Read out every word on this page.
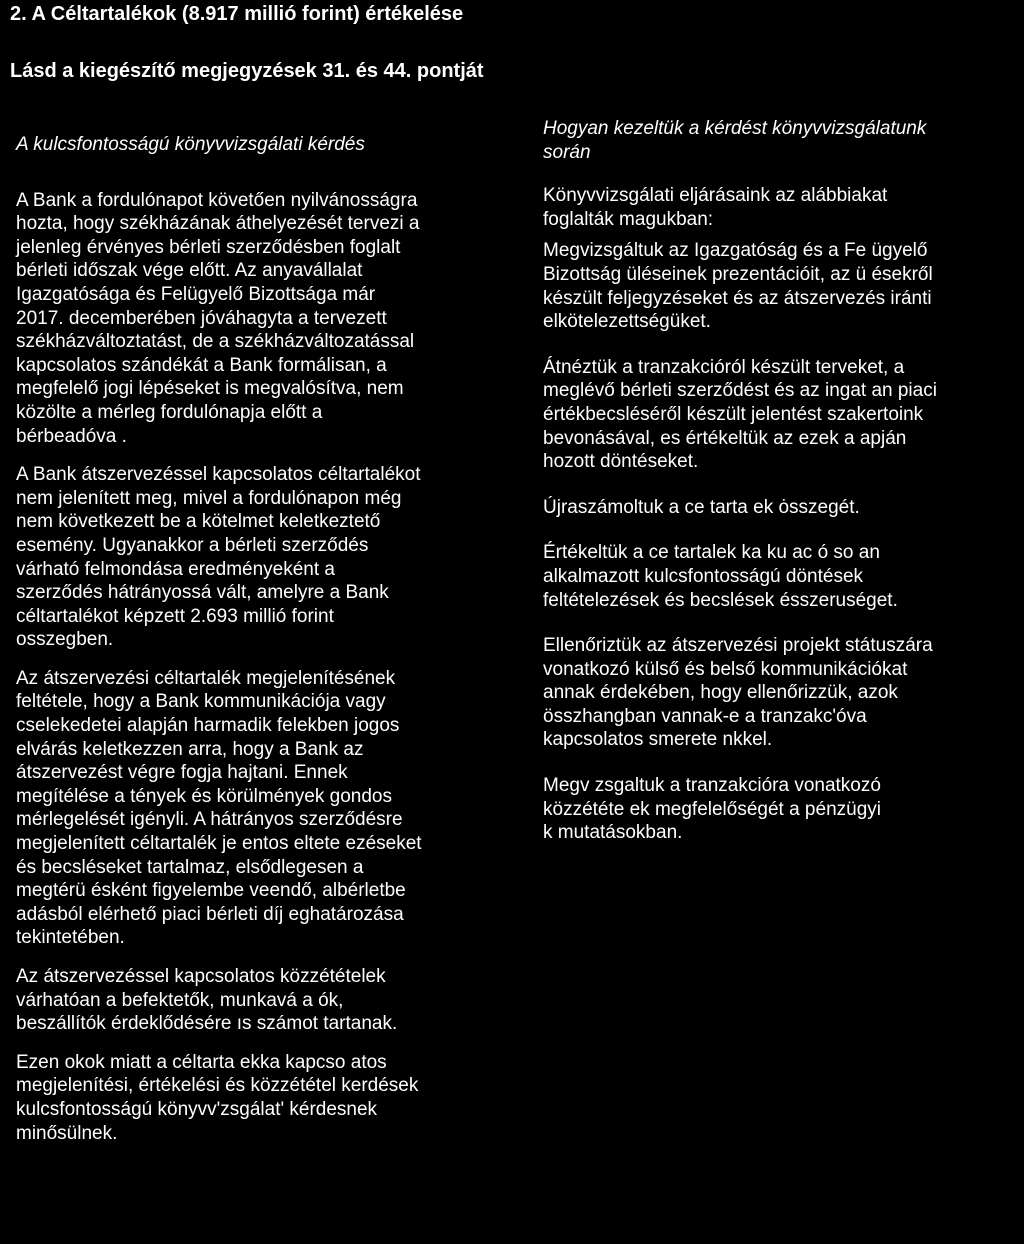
2. A Céltartalékok (8.917 millió forint) értékelése
Lásd a kiegészítő megjegyzések 31. és 44. pontját
A kulcsfontosságú könyvvizsgálati kérdés
A Bank a fordulónapot követően nyilvánosságra
hozta, hogy székházának áthelyezését tervezi a
jelenleg érvényes bérleti szerződésben foglalt
bérleti időszak vége előtt. Az anyavállalat
Igazgatósága és Felügyelő Bizottsága már
2017. decemberében jóváhagyta a tervezett
székházváltoztatást, de a székházváltozatással
kapcsolatos szándékát a Bank formálisan, a
megfelelő jogi lépéseket is megvalósítva, nem
közölte a mérleg fordulónapja előtt a
bérbeadóva .
A Bank átszervezéssel kapcsolatos céltartalékot
nem jelenített meg, mivel a fordulónapon még
nem következett be a kötelmet keletkeztető
esemény. Ugyanakkor a bérleti szerződés
várható felmondása eredményeként a
szerződés hátrányossá vált, amelyre a Bank
céltartalékot képzett 2.693 millió forint
osszegben.
Az átszervezési céltartalék megjelenítésének
feltétele, hogy a Bank kommunikációja vagy
cselekedetei alapján harmadik felekben jogos
elvárás keletkezzen arra, hogy a Bank az
átszervezést végre fogja hajtani. Ennek
megítélése a tények és körülmények gondos
mérlegelését igényli. A hátrányos szerződésre
megjelenített céltartalék je entos eltete ezéseket
és becsléseket tartalmaz, elsődlegesen a
megtérü ésként figyelembe veendő, albérletbe
adásból elérhető piaci bérleti díj eghatározása
tekintetében.
Az átszervezéssel kapcsolatos közzétételek
várhatóan a befektetők, munkavá a ók,
beszállítók érdeklődésére ıs számot tartanak.
Ezen okok miatt a céltarta ekka kapcso atos
megjelenítési, értékelési és közzététel kerdések
kulcsfontosságú könyvv'zsgálat' kérdesnek
minősülnek.
Hogyan kezeltük a kérdést könyvvizsgálatunk
során
Könyvvizsgálati eljárásaink az alábbiakat
foglalták magukban:
Megvizsgáltuk az Igazgatóság és a Fe ügyelő
Bizottság üléseinek prezentációit, az ü ésekről
készült feljegyzéseket és az átszervezés iránti
elkötelezettségüket.
Átnéztük a tranzakcióról készült terveket, a
meglévő bérleti szerződést és az ingat an piaci
értékbecsléséről készült jelentést szakertoink
bevonásával, es értékeltük az ezek a apján
hozott döntéseket.
Újraszámoltuk a ce tarta ek ȯsszegét.
Értékeltük a ce tartalek ka ku ac ó so an
alkalmazott kulcsfontosságú döntések
feltételezések és becslések ésszeruséget.
Ellenőriztük az átszervezési projekt státuszára
vonatkozó külső és belső kommunikációkat
annak érdekében, hogy ellenőrizzük, azok
összhangban vannak-e a tranzakc'óva
kapcsolatos smerete nkkel.
Megv zsgaltuk a tranzakcióra vonatkozó
közzététe ek megfelelőségét a pénzügyi
k mutatásokban.
